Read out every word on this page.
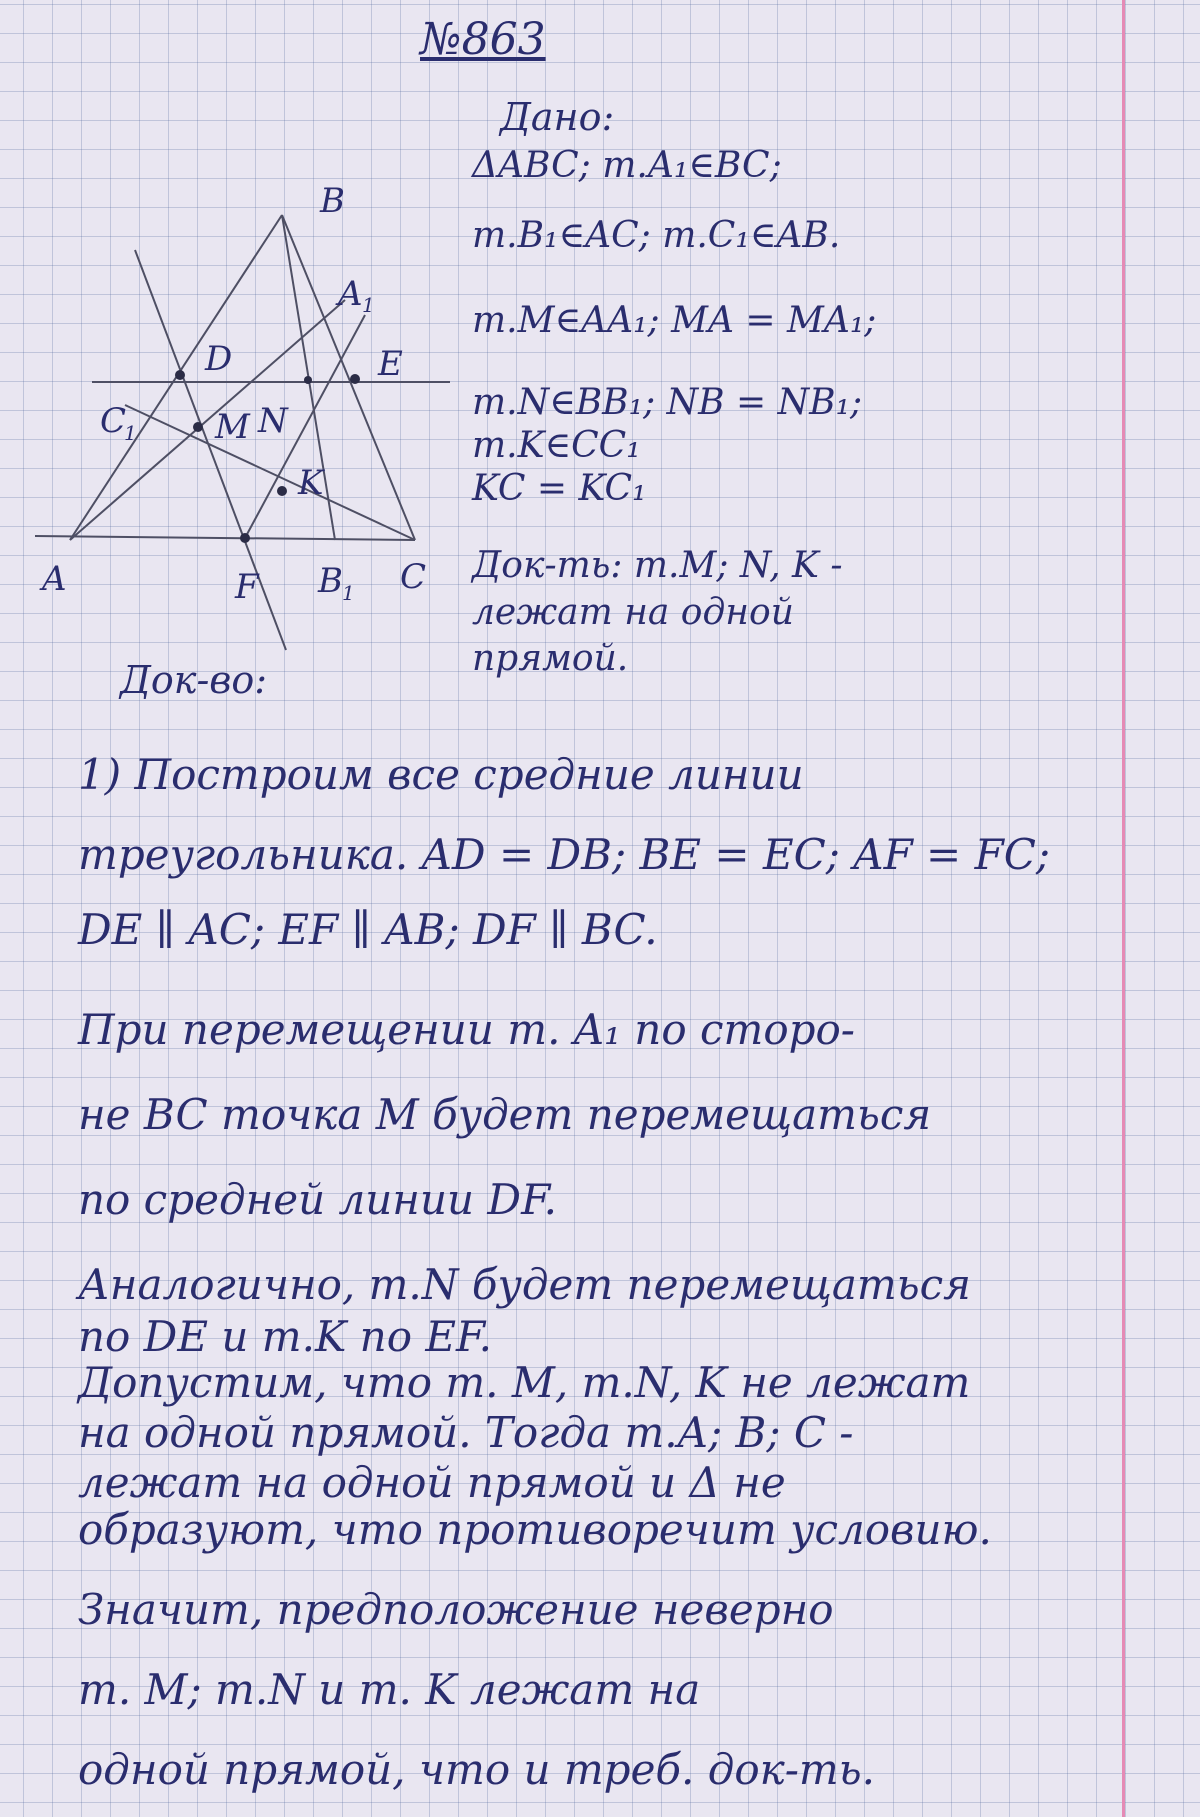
№863

Дано:

ΔABC; т.A₁∈BC;

т.B₁∈AC; т.C₁∈AB.

т.M∈AA₁; MA = MA₁;

т.N∈BB₁; NB = NB₁;

т.K∈CC₁

KC = KC₁

Док-ть: т.M; N, K -

лежат на одной

прямой.

B
A 1
E
D
C
1 M N
K
A	F B 1 C

Док-во:

1) Построим все средние линии

треугольника. AD = DB; BE = EC; AF = FC;

DE ∥ AC; EF ∥ AB; DF ∥ BC.

При перемещении т. A₁ по сторо-

не BC точка M будет перемещаться

по средней линии DF.

Аналогично, т.N будет перемещаться

по DE и т.K по EF.

Допустим, что т. M, т.N, K не лежат

на одной прямой. Тогда т.A; B; C -

лежат на одной прямой и Δ не

образуют, что противоречит условию.

Значит, предположение неверно

т. M; т.N и т. K лежат на

одной прямой, что и треб. док-ть.
